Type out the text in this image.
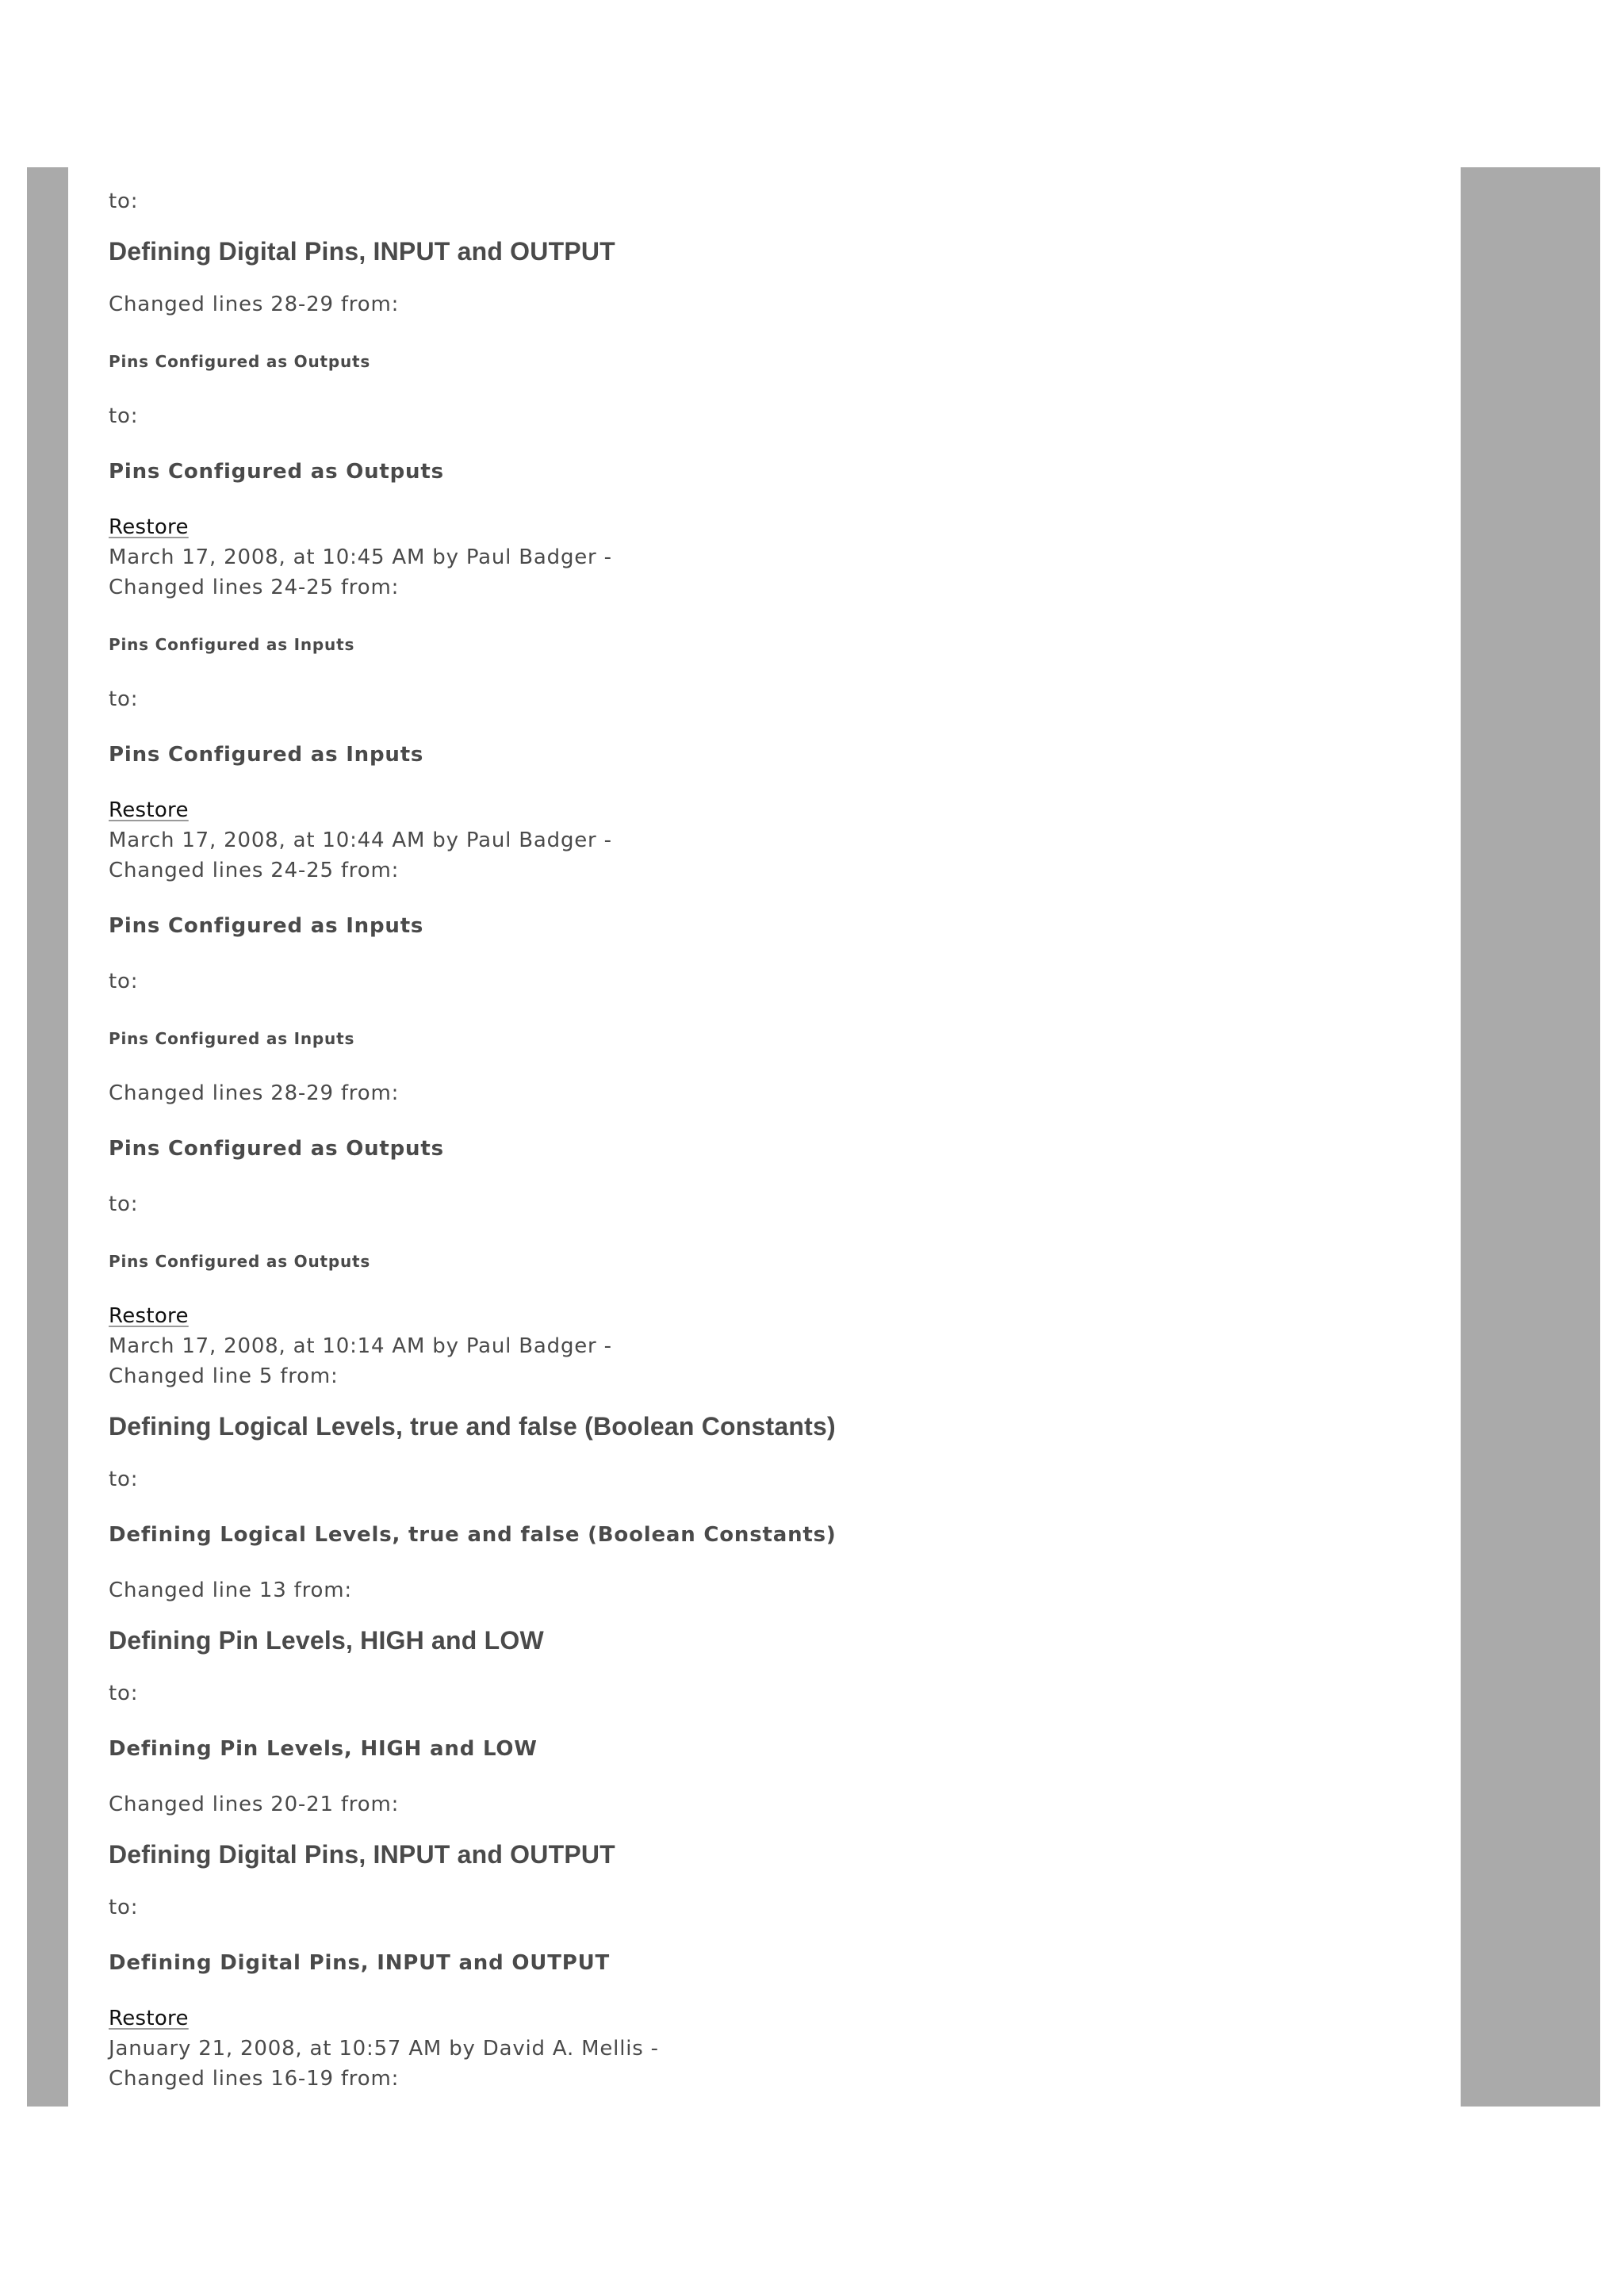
to:
Defining Digital Pins, INPUT and OUTPUT
Changed lines 28-29 from:
Pins Configured as Outputs
to:
Pins Configured as Outputs
Restore
March 17, 2008, at 10:45 AM by Paul Badger -
Changed lines 24-25 from:
Pins Configured as Inputs
to:
Pins Configured as Inputs
Restore
March 17, 2008, at 10:44 AM by Paul Badger -
Changed lines 24-25 from:
Pins Configured as Inputs
to:
Pins Configured as Inputs
Changed lines 28-29 from:
Pins Configured as Outputs
to:
Pins Configured as Outputs
Restore
March 17, 2008, at 10:14 AM by Paul Badger -
Changed line 5 from:
Defining Logical Levels, true and false (Boolean Constants)
to:
Defining Logical Levels, true and false (Boolean Constants)
Changed line 13 from:
Defining Pin Levels, HIGH and LOW
to:
Defining Pin Levels, HIGH and LOW
Changed lines 20-21 from:
Defining Digital Pins, INPUT and OUTPUT
to:
Defining Digital Pins, INPUT and OUTPUT
Restore
January 21, 2008, at 10:57 AM by David A. Mellis -
Changed lines 16-19 from:
